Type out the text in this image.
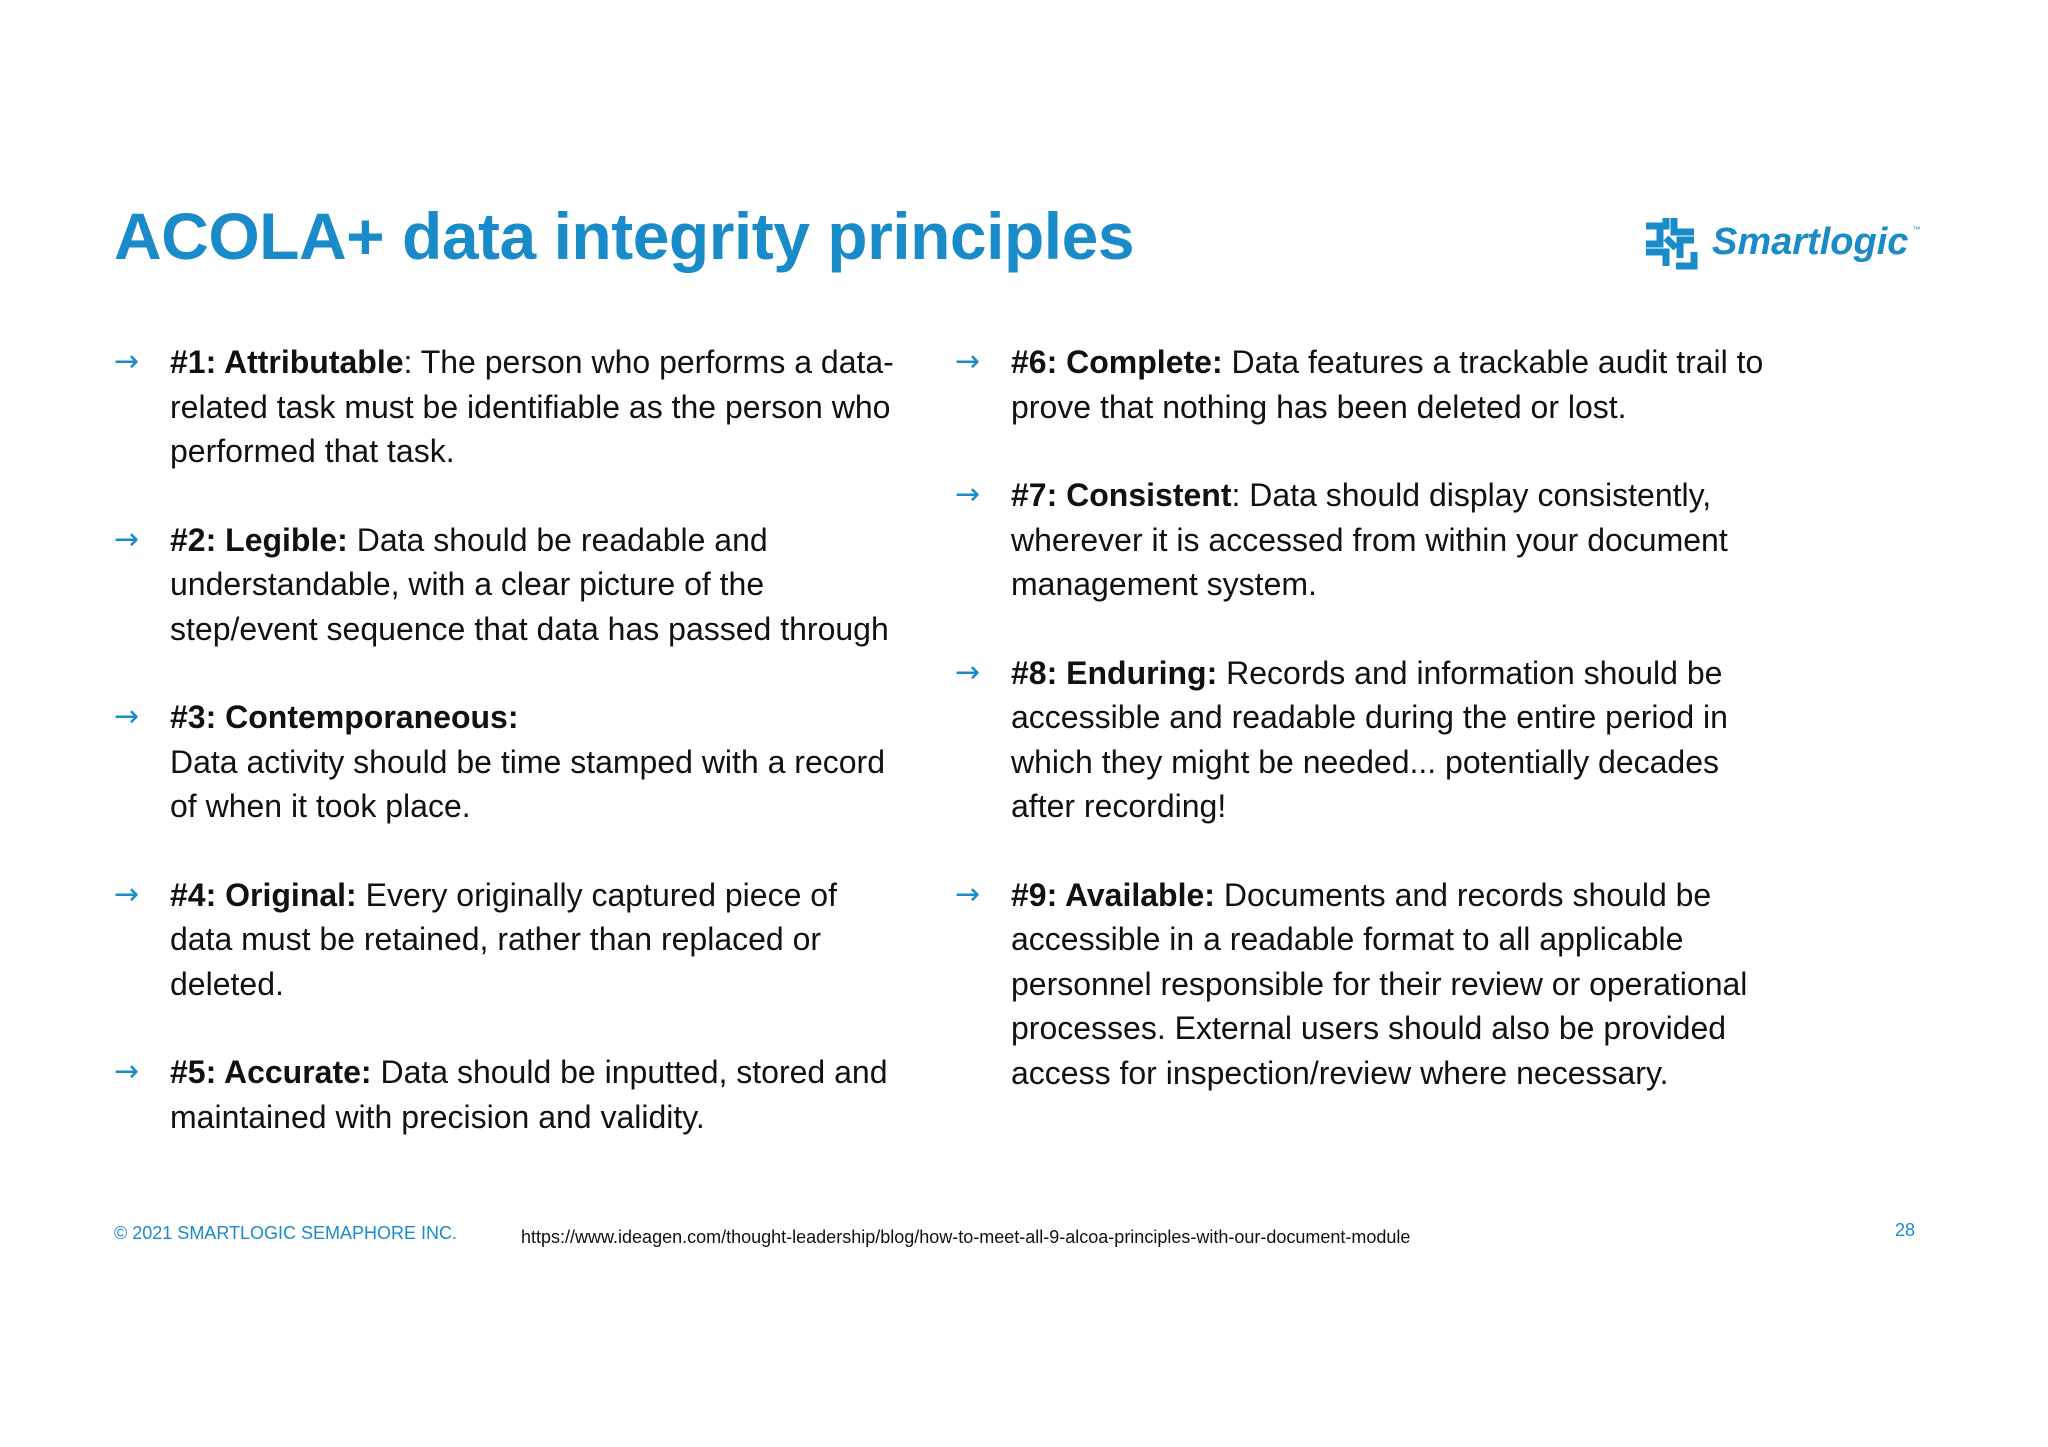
ACOLA+ data integrity principles	Smartlogic ™
→ #1: Attributable: The person who performs a data-related task must be identifiable as the person who performed that task.
→ #2: Legible: Data should be readable and understandable, with a clear picture of the step/event sequence that data has passed through
→ #3: Contemporaneous:
Data activity should be time stamped with a record of when it took place.
→ #4: Original: Every originally captured piece of data must be retained, rather than replaced or deleted.
→ #5: Accurate: Data should be inputted, stored and maintained with precision and validity.
→ #6: Complete: Data features a trackable audit trail to prove that nothing has been deleted or lost.
→ #7: Consistent: Data should display consistently, wherever it is accessed from within your document management system.
→ #8: Enduring: Records and information should be accessible and readable during the entire period in which they might be needed... potentially decades after recording!
→ #9: Available: Documents and records should be accessible in a readable format to all applicable personnel responsible for their review or operational processes. External users should also be provided access for inspection/review where necessary.
© 2021 SMARTLOGIC SEMAPHORE INC.	https://www.ideagen.com/thought-leadership/blog/how-to-meet-all-9-alcoa-principles-with-our-document-module	28
